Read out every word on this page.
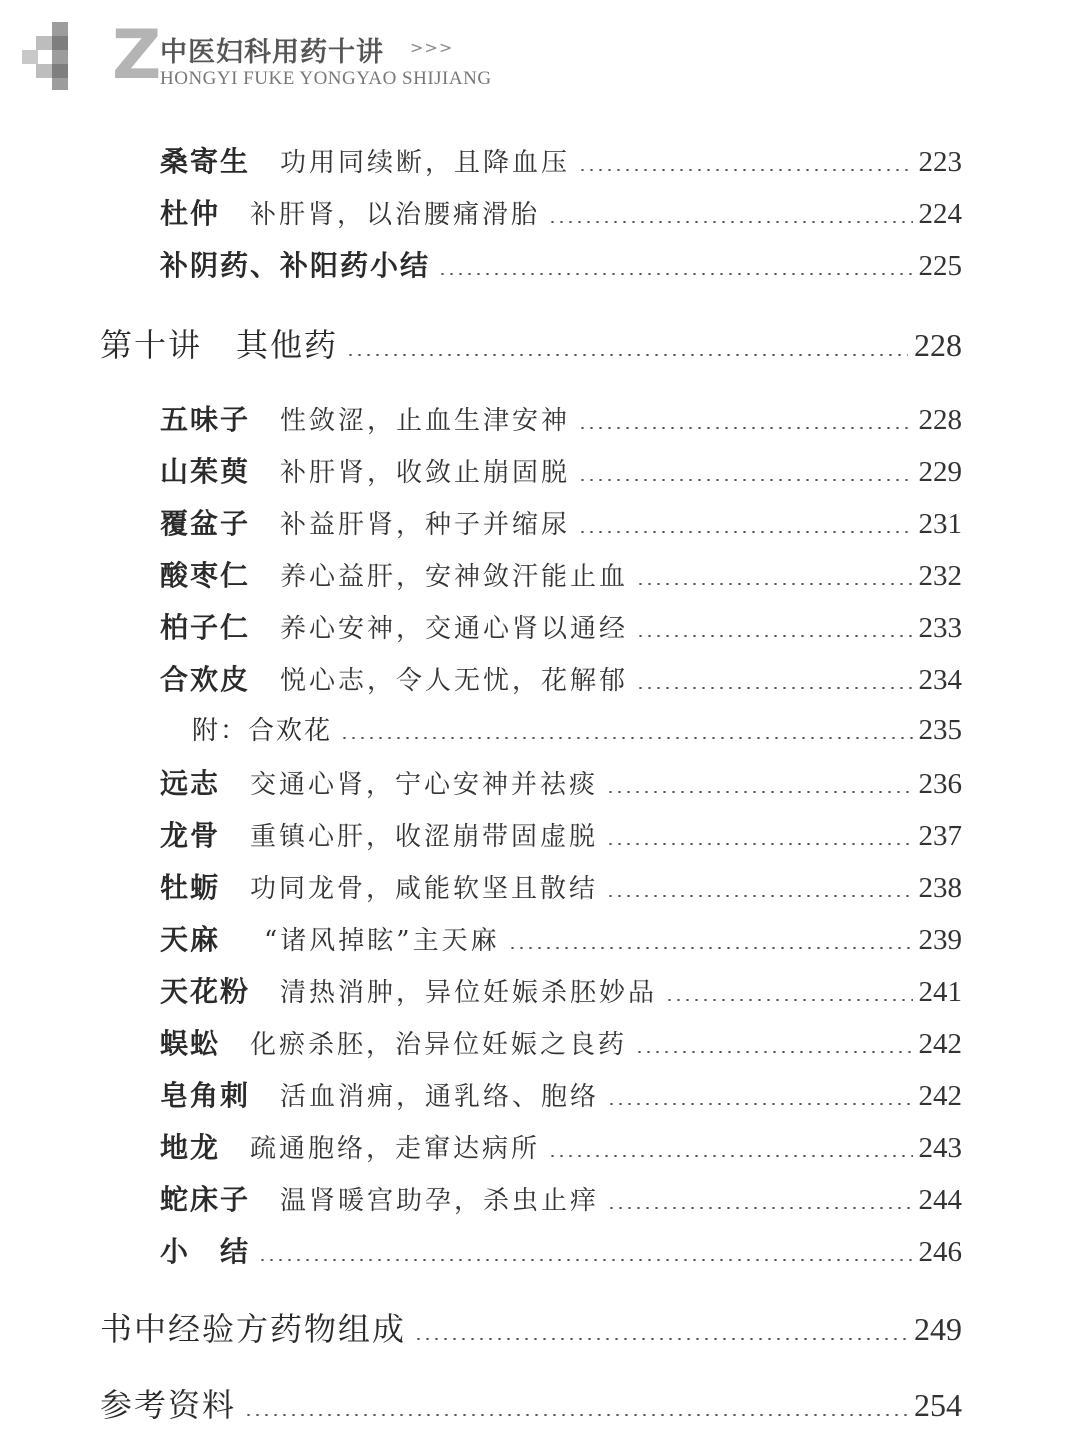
Z 中医妇科用药十讲 >>>
HONGYI FUKE YONGYAO SHIJIANG
桑寄生 功用同续断，且降血压	223
杜仲 补肝肾，以治腰痛滑胎	224
补阴药、补阳药小结	225
第十讲　其他药	228
五味子 性敛涩，止血生津安神	228
山茱萸 补肝肾，收敛止崩固脱	229
覆盆子 补益肝肾，种子并缩尿	231
酸枣仁 养心益肝，安神敛汗能止血	232
柏子仁 养心安神，交通心肾以通经	233
合欢皮 悦心志，令人无忧，花解郁	234
附：合欢花	235
远志 交通心肾，宁心安神并祛痰	236
龙骨 重镇心肝，收涩崩带固虚脱	237
牡蛎 功同龙骨，咸能软坚且散结	238
天麻 “诸风掉眩”主天麻	239
天花粉 清热消肿，异位妊娠杀胚妙品	241
蜈蚣 化瘀杀胚，治异位妊娠之良药	242
皂角刺 活血消痈，通乳络、胞络	242
地龙 疏通胞络，走窜达病所	243
蛇床子 温肾暖宫助孕，杀虫止痒	244
小　结	246
书中经验方药物组成	249
参考资料	254
